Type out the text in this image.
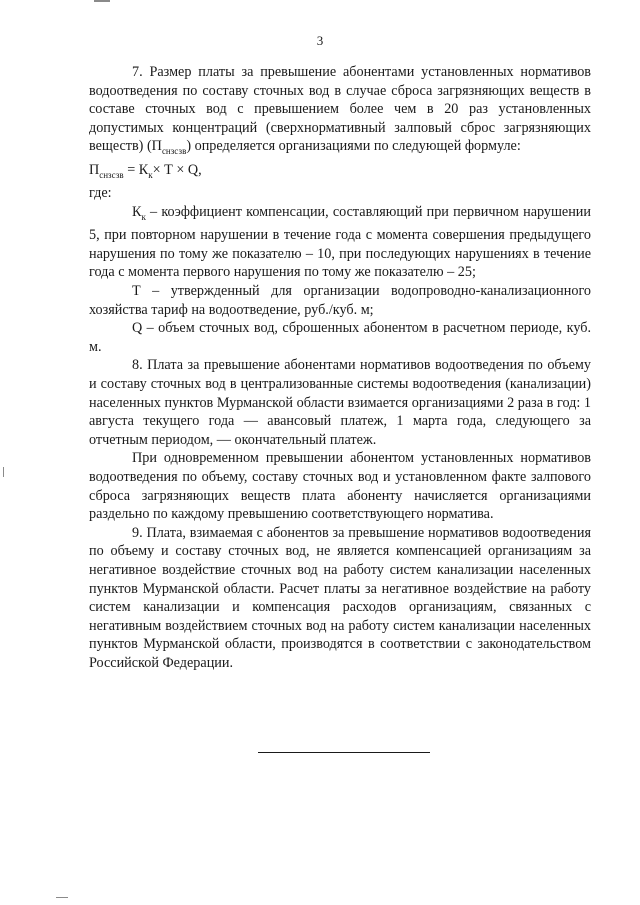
3

7. Размер платы за превышение абонентами установленных нормативов водоотведения по составу сточных вод в случае сброса загрязняющих веществ в составе сточных вод с превышением более чем в 20 раз установленных допустимых концентраций (сверхнормативный залповый сброс загрязняющих веществ) $(П_{снзсзв})$ определяется организациями по следующей формуле:

$П_{снзсзв} = К_к\times Т \times Q$,

где:

$К_к$ – коэффициент компенсации, составляющий при первичном нарушении 5, при повторном нарушении в течение года с момента совершения предыдущего нарушения по тому же показателю – 10, при последующих нарушениях в течение года с момента первого нарушения по тому же показателю – 25;

Т – утвержденный для организации водопроводно-канализационного хозяйства тариф на водоотведение, руб./куб. м;

Q – объем сточных вод, сброшенных абонентом в расчетном периоде, куб. м.

8. Плата за превышение абонентами нормативов водоотведения по объему и составу сточных вод в централизованные системы водоотведения (канализации) населенных пунктов Мурманской области взимается организациями 2 раза в год: 1 августа текущего года — авансовый платеж, 1 марта года, следующего за отчетным периодом, — окончательный платеж.

При одновременном превышении абонентом установленных нормативов водоотведения по объему, составу сточных вод и установленном факте залпового сброса загрязняющих веществ плата абоненту начисляется организациями раздельно по каждому превышению соответствующего норматива.

9. Плата, взимаемая с абонентов за превышение нормативов водоотведения по объему и составу сточных вод, не является компенсацией организациям за негативное воздействие сточных вод на работу систем канализации населенных пунктов Мурманской области. Расчет платы за негативное воздействие на работу систем канализации и компенсация расходов организациям, связанных с негативным воздействием сточных вод на работу систем канализации населенных пунктов Мурманской области, производятся в соответствии с законодательством Российской Федерации.
